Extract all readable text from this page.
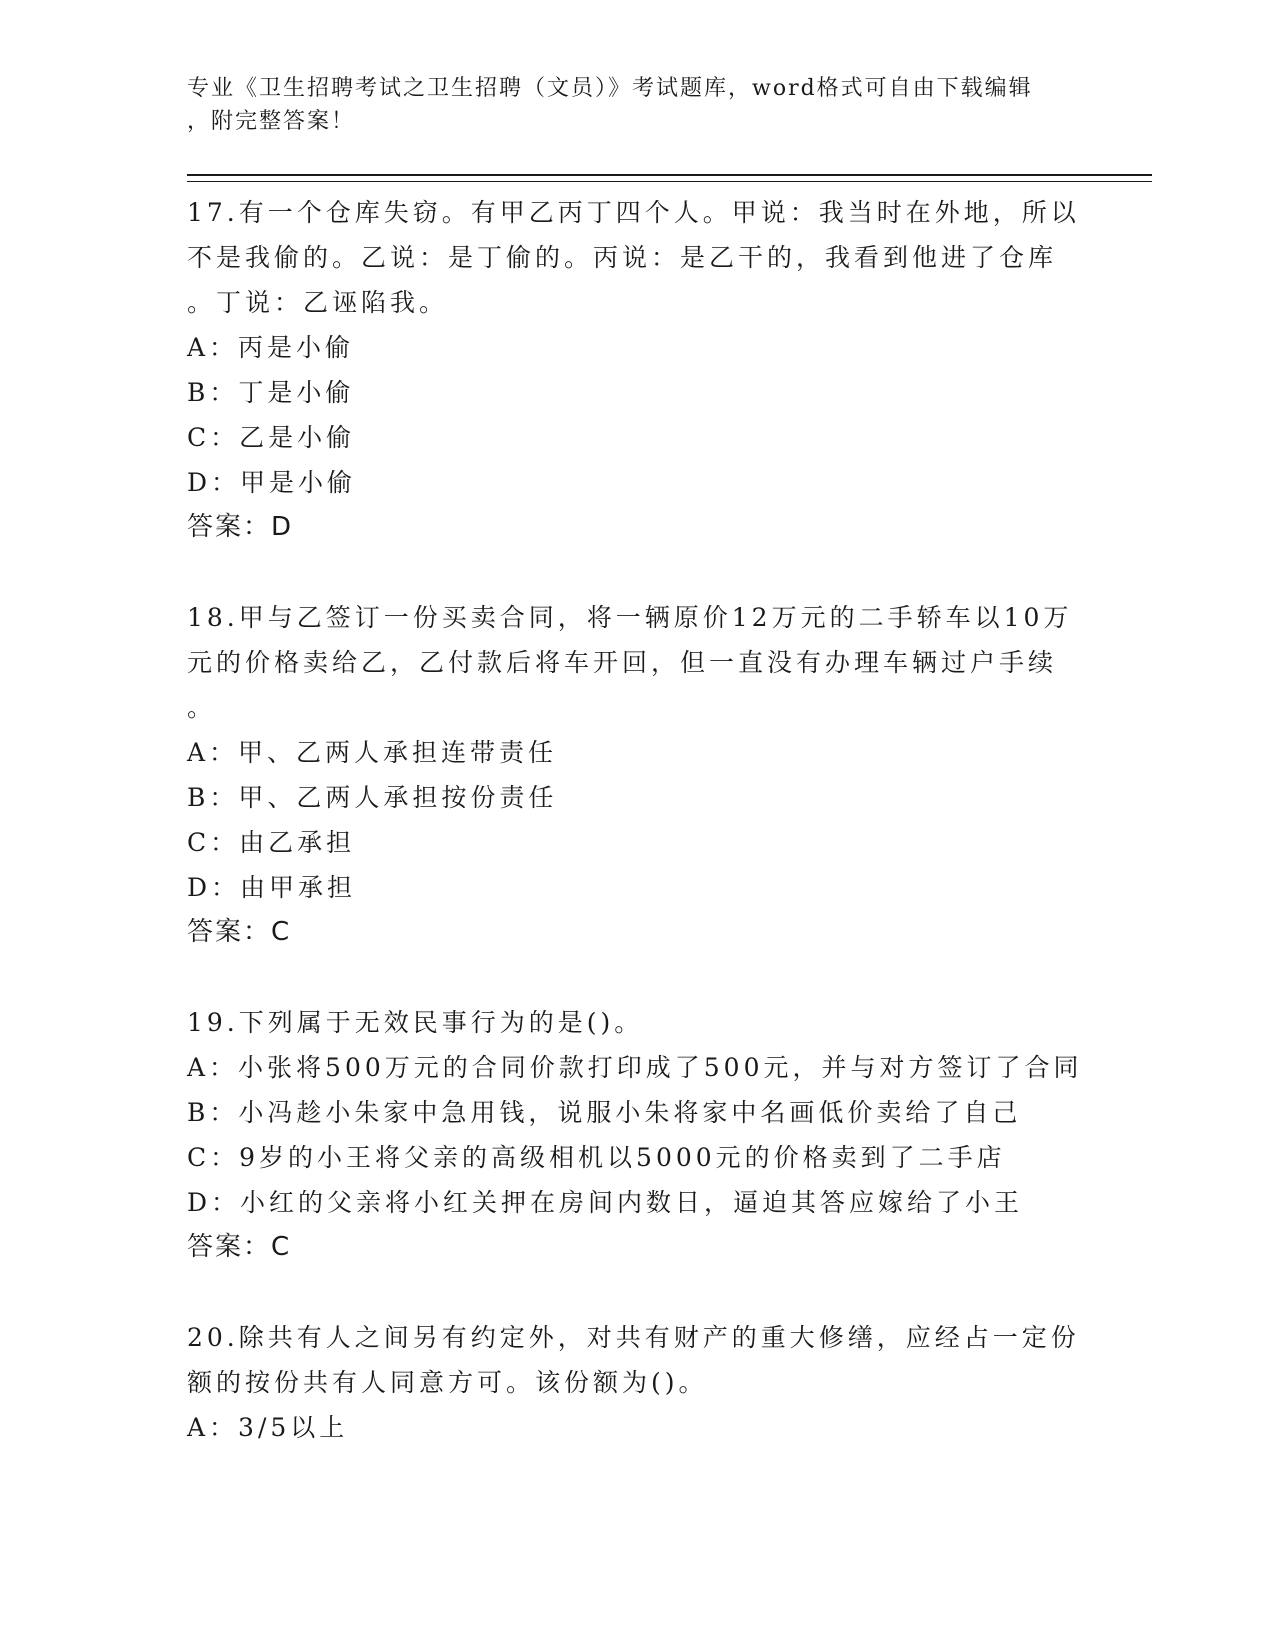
专业《卫生招聘考试之卫生招聘（文员）》考试题库，word格式可自由下载编辑
，附完整答案！

17.有一个仓库失窃。有甲乙丙丁四个人。甲说：我当时在外地，所以

不是我偷的。乙说：是丁偷的。丙说：是乙干的，我看到他进了仓库

。丁说：乙诬陷我。

A：丙是小偷

B：丁是小偷

C：乙是小偷

D：甲是小偷

答案：D

18.甲与乙签订一份买卖合同，将一辆原价12万元的二手轿车以10万

元的价格卖给乙，乙付款后将车开回，但一直没有办理车辆过户手续

。

A：甲、乙两人承担连带责任

B：甲、乙两人承担按份责任

C：由乙承担

D：由甲承担

答案：C

19.下列属于无效民事行为的是()。

A：小张将500万元的合同价款打印成了500元，并与对方签订了合同

B：小冯趁小朱家中急用钱，说服小朱将家中名画低价卖给了自己

C：9岁的小王将父亲的高级相机以5000元的价格卖到了二手店

D：小红的父亲将小红关押在房间内数日，逼迫其答应嫁给了小王

答案：C

20.除共有人之间另有约定外，对共有财产的重大修缮，应经占一定份

额的按份共有人同意方可。该份额为()。

A：3/5以上
